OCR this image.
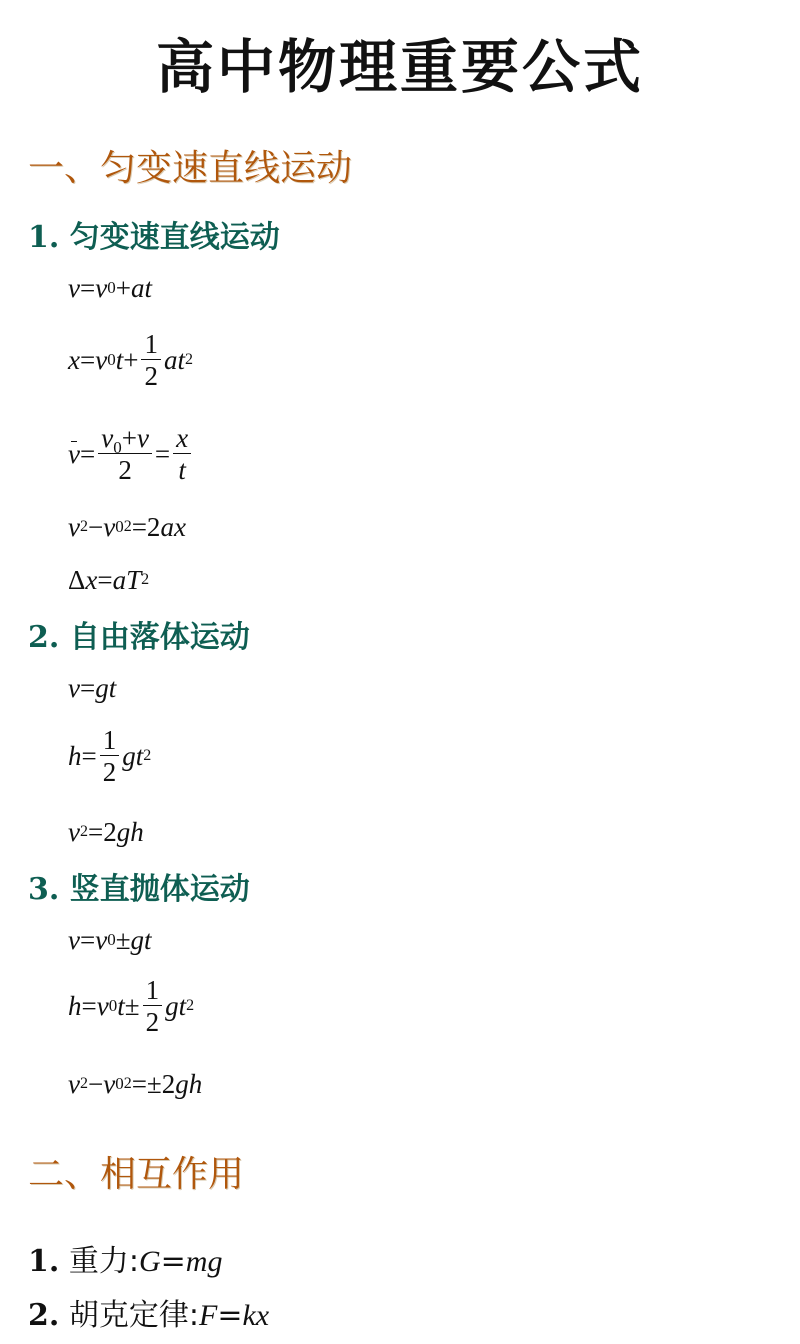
高中物理重要公式
一、匀变速直线运动
1. 匀变速直线运动
v = v 0 + at
x = v 0 $t + \frac{1}{2}$ at 2
$v = \frac{v_0+v}{2} = \frac{x}{t}$
v 2 − v 0 2 =2 ax
Δ x = aT 2
2. 自由落体运动
v = gt
$h = \frac{1}{2}$ gt 2
v 2 =2 gh
3. 竖直抛体运动
v = v 0 ± gt
h = v 0 $t \pm \frac{1}{2}$ gt 2
v 2 − v 0 2 =±2 gh
二、相互作用
1. 重力:G=mg
2. 胡克定律:F=kx
